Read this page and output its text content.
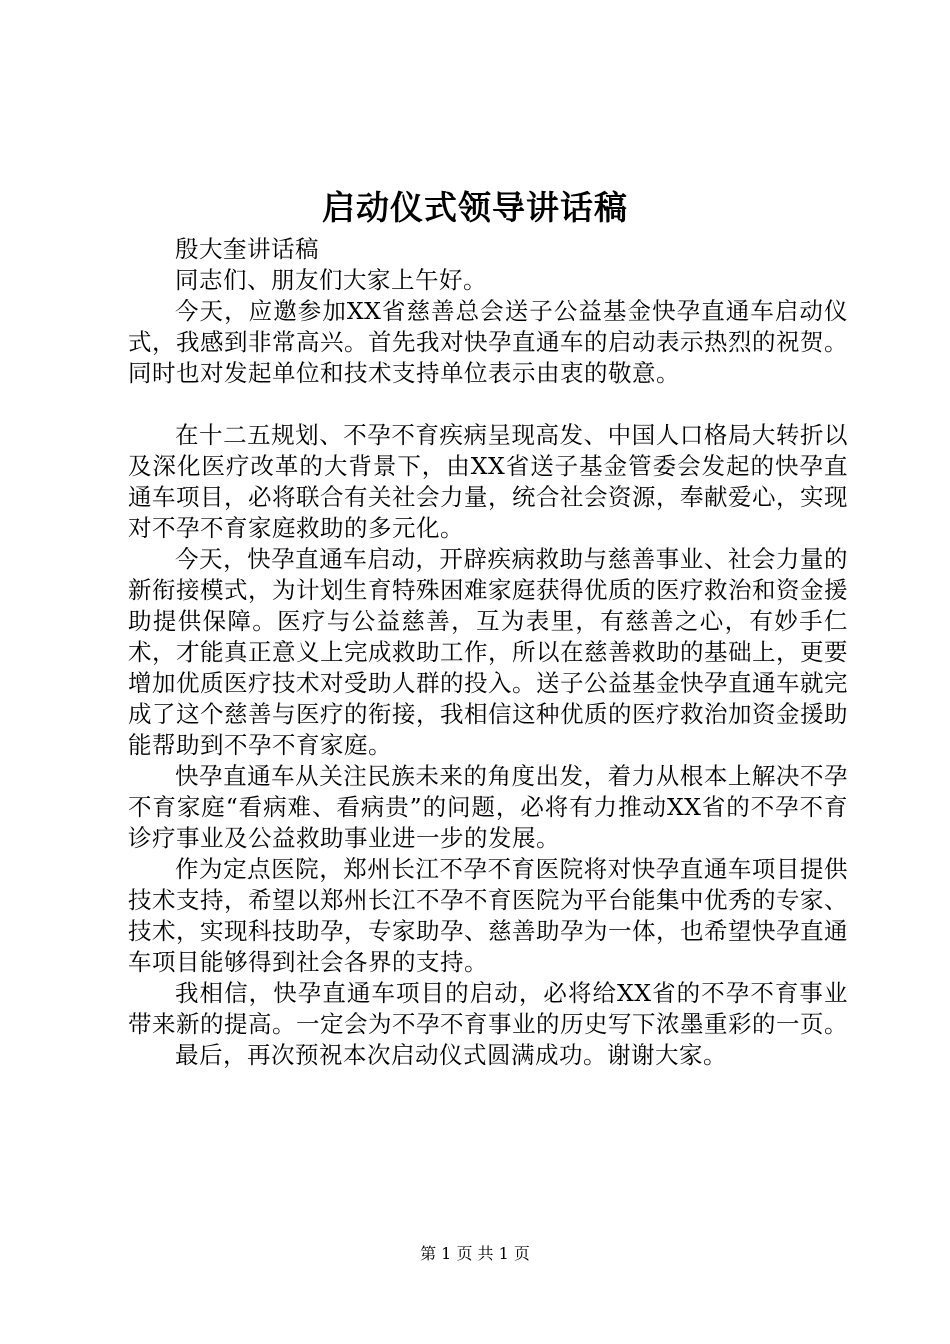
启动仪式领导讲话稿

殷大奎讲话稿

同志们、朋友们大家上午好。

今天，应邀参加XX省慈善总会送子公益基金快孕直通车启动仪式，我感到非常高兴。首先我对快孕直通车的启动表示热烈的祝贺。同时也对发起单位和技术支持单位表示由衷的敬意。

在十二五规划、不孕不育疾病呈现高发、中国人口格局大转折以及深化医疗改革的大背景下，由XX省送子基金管委会发起的快孕直通车项目，必将联合有关社会力量，统合社会资源，奉献爱心，实现对不孕不育家庭救助的多元化。

今天，快孕直通车启动，开辟疾病救助与慈善事业、社会力量的新衔接模式，为计划生育特殊困难家庭获得优质的医疗救治和资金援助提供保障。医疗与公益慈善，互为表里，有慈善之心，有妙手仁术，才能真正意义上完成救助工作，所以在慈善救助的基础上，更要增加优质医疗技术对受助人群的投入。送子公益基金快孕直通车就完成了这个慈善与医疗的衔接，我相信这种优质的医疗救治加资金援助能帮助到不孕不育家庭。

快孕直通车从关注民族未来的角度出发，着力从根本上解决不孕不育家庭“看病难、看病贵”的问题，必将有力推动XX省的不孕不育诊疗事业及公益救助事业进一步的发展。

作为定点医院，郑州长江不孕不育医院将对快孕直通车项目提供技术支持，希望以郑州长江不孕不育医院为平台能集中优秀的专家、技术，实现科技助孕，专家助孕、慈善助孕为一体，也希望快孕直通车项目能够得到社会各界的支持。

我相信，快孕直通车项目的启动，必将给XX省的不孕不育事业带来新的提高。一定会为不孕不育事业的历史写下浓墨重彩的一页。

最后，再次预祝本次启动仪式圆满成功。谢谢大家。

第 1 页 共 1 页
